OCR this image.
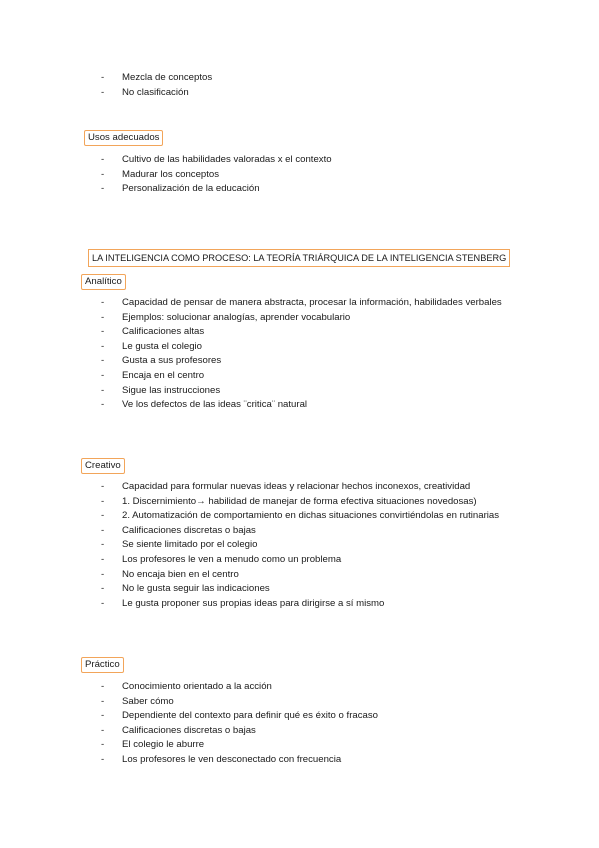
- Mezcla de conceptos
- No clasificación
Usos adecuados
- Cultivo de las habilidades valoradas x el contexto
- Madurar los conceptos
- Personalización de la educación
LA INTELIGENCIA COMO PROCESO: LA TEORÍA TRIÁRQUICA DE LA INTELIGENCIA STENBERG
Analítico
- Capacidad de pensar de manera abstracta, procesar la información, habilidades verbales
- Ejemplos: solucionar analogías, aprender vocabulario
- Calificaciones altas
- Le gusta el colegio
- Gusta a sus profesores
- Encaja en el centro
- Sigue las instrucciones
- Ve los defectos de las ideas ¨critica¨ natural
Creativo
- Capacidad para formular nuevas ideas y relacionar hechos inconexos, creatividad
- 1. Discernimiento→ habilidad de manejar de forma efectiva situaciones novedosas)
- 2. Automatización de comportamiento en dichas situaciones convirtiéndolas en rutinarias
- Calificaciones discretas o bajas
- Se siente limitado por el colegio
- Los profesores le ven a menudo como un problema
- No encaja bien en el centro
- No le gusta seguir las indicaciones
- Le gusta proponer sus propias ideas para dirigirse a sí mismo
Práctico
- Conocimiento orientado a la acción
- Saber cómo
- Dependiente del contexto para definir qué es éxito o fracaso
- Calificaciones discretas o bajas
- El colegio le aburre
- Los profesores le ven desconectado con frecuencia
